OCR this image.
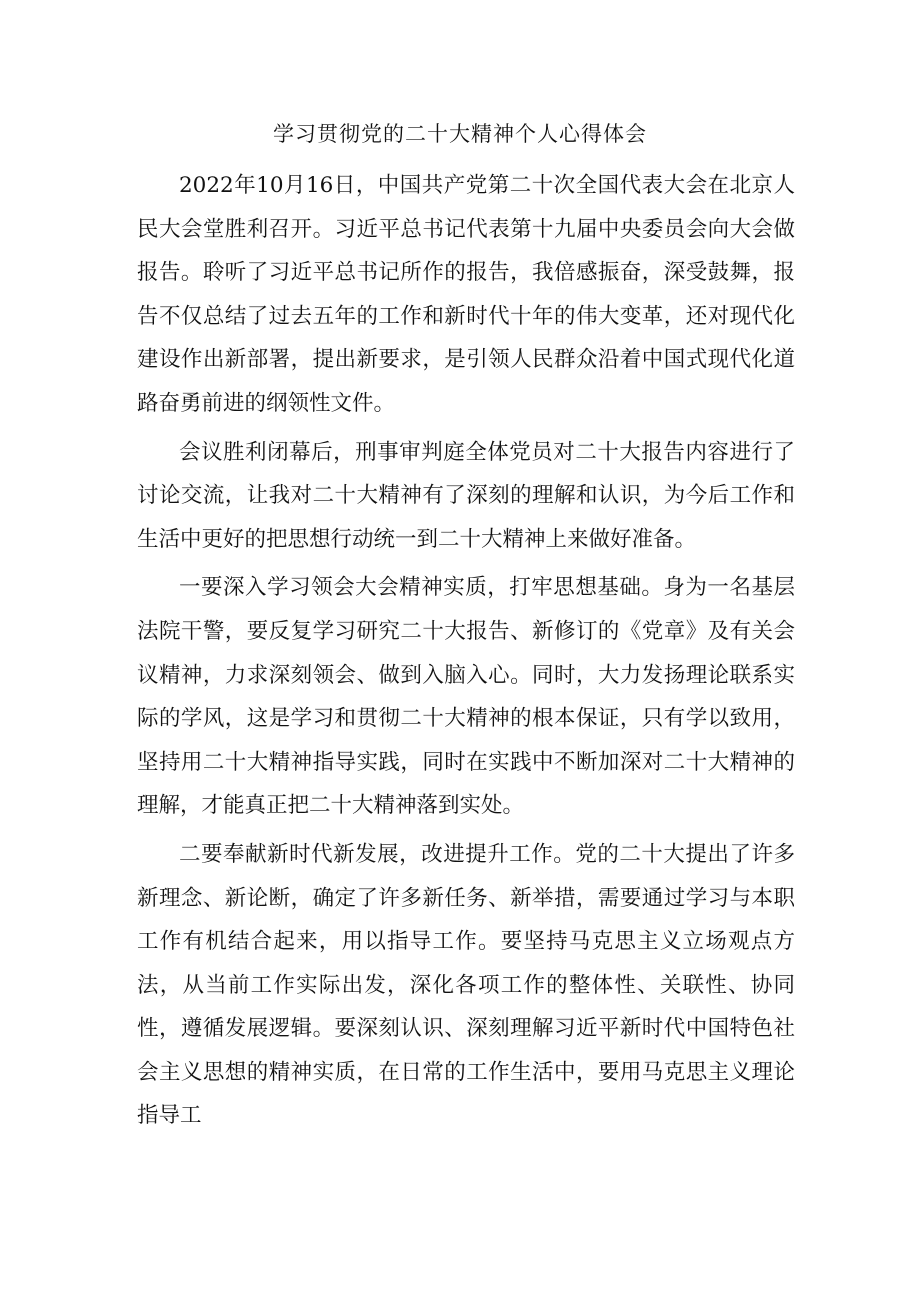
学习贯彻党的二十大精神个人心得体会

2022年10月16日，中国共产党第二十次全国代表大会在北京人民大会堂胜利召开。习近平总书记代表第十九届中央委员会向大会做报告。聆听了习近平总书记所作的报告，我倍感振奋，深受鼓舞，报告不仅总结了过去五年的工作和新时代十年的伟大变革，还对现代化建设作出新部署，提出新要求，是引领人民群众沿着中国式现代化道路奋勇前进的纲领性文件。

会议胜利闭幕后，刑事审判庭全体党员对二十大报告内容进行了讨论交流，让我对二十大精神有了深刻的理解和认识，为今后工作和生活中更好的把思想行动统一到二十大精神上来做好准备。

一要深入学习领会大会精神实质，打牢思想基础。身为一名基层法院干警，要反复学习研究二十大报告、新修订的《党章》及有关会议精神，力求深刻领会、做到入脑入心。同时，大力发扬理论联系实际的学风，这是学习和贯彻二十大精神的根本保证，只有学以致用，坚持用二十大精神指导实践，同时在实践中不断加深对二十大精神的理解，才能真正把二十大精神落到实处。

二要奉献新时代新发展，改进提升工作。党的二十大提出了许多新理念、新论断，确定了许多新任务、新举措，需要通过学习与本职工作有机结合起来，用以指导工作。要坚持马克思主义立场观点方法，从当前工作实际出发，深化各项工作的整体性、关联性、协同性，遵循发展逻辑。要深刻认识、深刻理解习近平新时代中国特色社会主义思想的精神实质，在日常的工作生活中，要用马克思主义理论指导工
